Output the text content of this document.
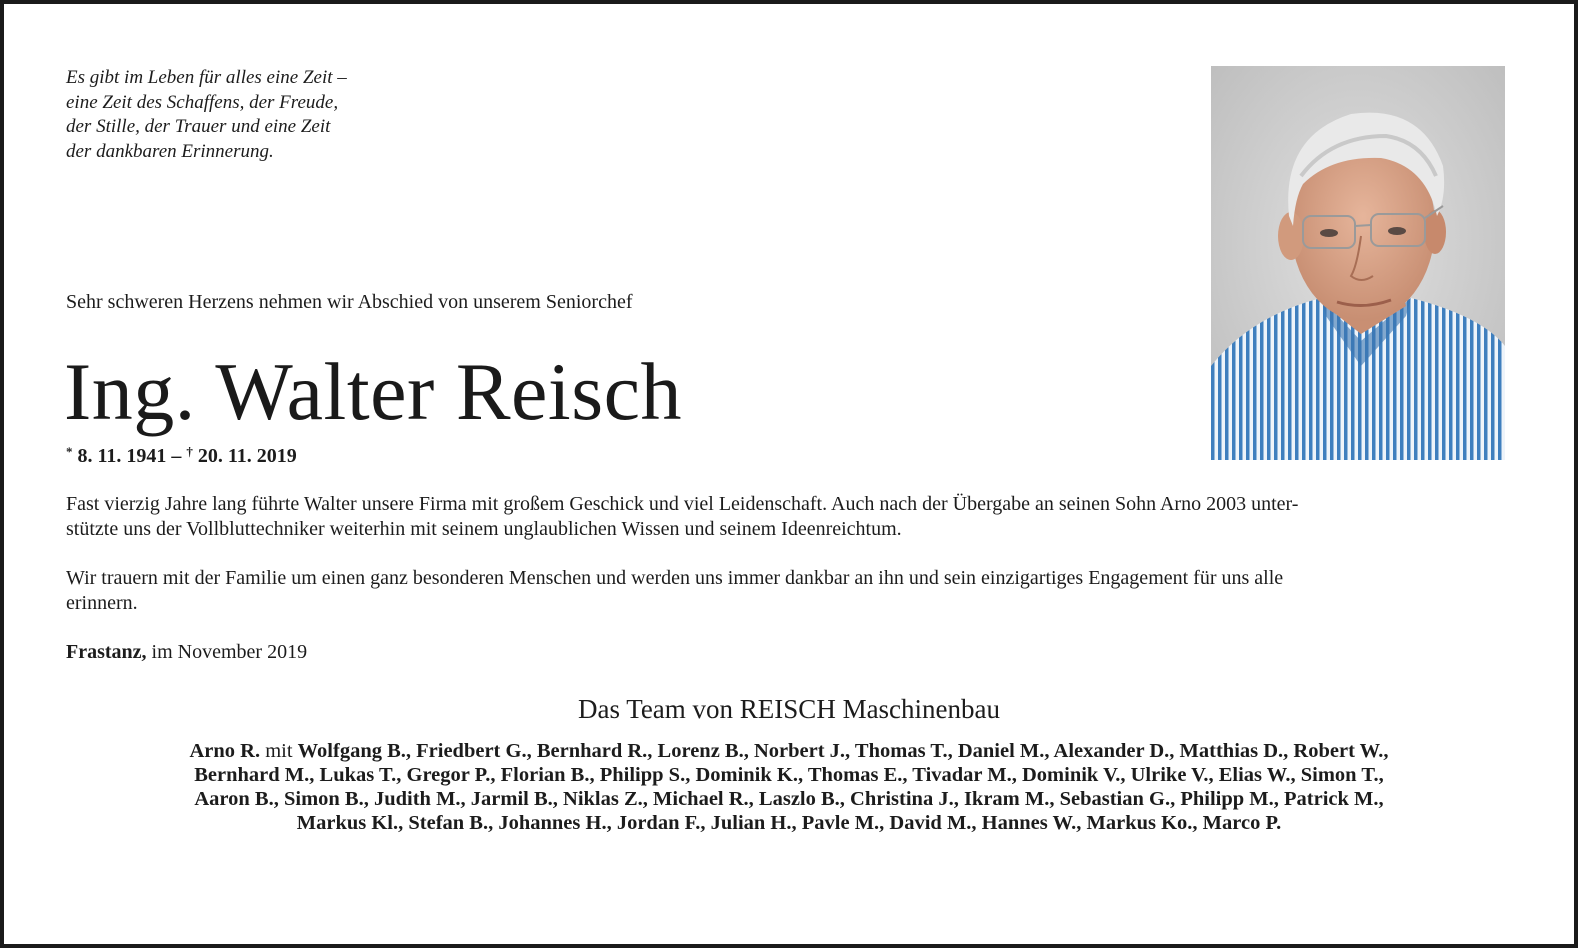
Es gibt im Leben für alles eine Zeit –
eine Zeit des Schaffens, der Freude,
der Stille, der Trauer und eine Zeit
der dankbaren Erinnerung.
Sehr schweren Herzens nehmen wir Abschied von unserem Seniorchef
Ing. Walter Reisch
* 8. 11. 1941 – † 20. 11. 2019
Fast vierzig Jahre lang führte Walter unsere Firma mit großem Geschick und viel Leidenschaft. Auch nach der Übergabe an seinen Sohn Arno 2003 unter-
stützte uns der Vollbluttechniker weiterhin mit seinem unglaublichen Wissen und seinem Ideenreichtum.
Wir trauern mit der Familie um einen ganz besonderen Menschen und werden uns immer dankbar an ihn und sein einzigartiges Engagement für uns alle
erinnern.
Frastanz, im November 2019
Das Team von REISCH Maschinenbau
Arno R. mit Wolfgang B., Friedbert G., Bernhard R., Lorenz B., Norbert J., Thomas T., Daniel M., Alexander D., Matthias D., Robert W.,
Bernhard M., Lukas T., Gregor P., Florian B., Philipp S., Dominik K., Thomas E., Tivadar M., Dominik V., Ulrike V., Elias W., Simon T.,
Aaron B., Simon B., Judith M., Jarmil B., Niklas Z., Michael R., Laszlo B., Christina J., Ikram M., Sebastian G., Philipp M., Patrick M.,
Markus Kl., Stefan B., Johannes H., Jordan F., Julian H., Pavle M., David M., Hannes W., Markus Ko., Marco P.
